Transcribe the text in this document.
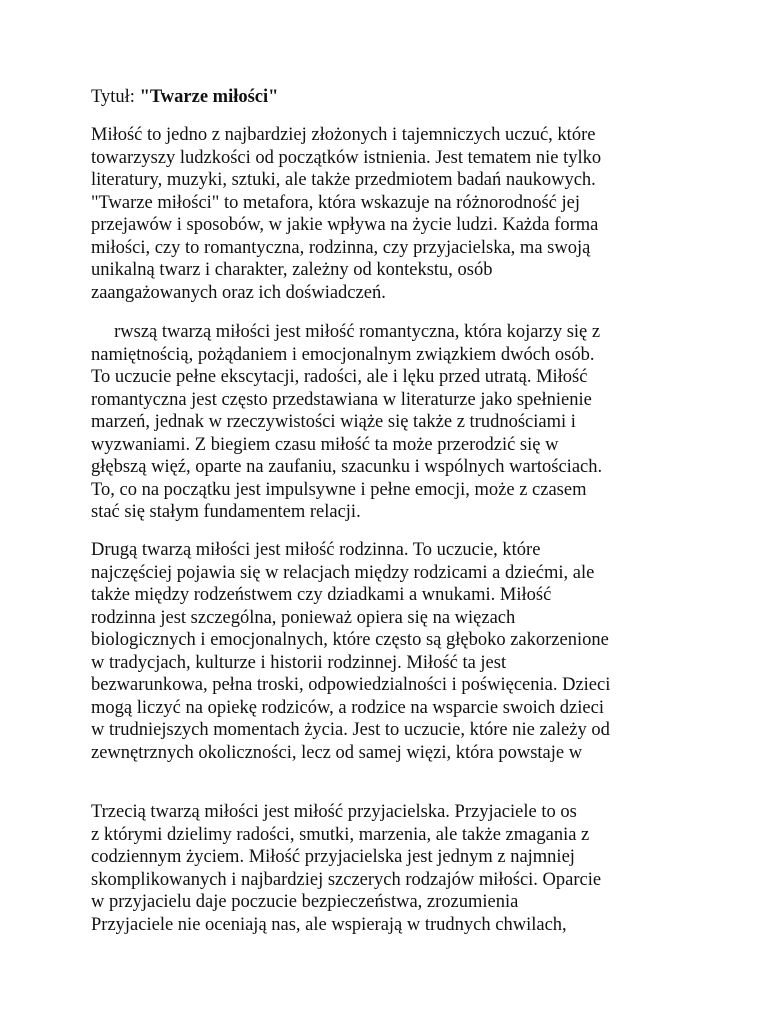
Tytuł: "Twarze miłości"
Miłość to jedno z najbardziej złożonych i tajemniczych uczuć, które
towarzyszy ludzkości od początków istnienia. Jest tematem nie tylko
literatury, muzyki, sztuki, ale także przedmiotem badań naukowych.
"Twarze miłości" to metafora, która wskazuje na różnorodność jej
przejawów i sposobów, w jakie wpływa na życie ludzi. Każda forma
miłości, czy to romantyczna, rodzinna, czy przyjacielska, ma swoją
unikalną twarz i charakter, zależny od kontekstu, osób
zaangażowanych oraz ich doświadczeń.
rwszą twarzą miłości jest miłość romantyczna, która kojarzy się z
namiętnością, pożądaniem i emocjonalnym związkiem dwóch osób.
To uczucie pełne ekscytacji, radości, ale i lęku przed utratą. Miłość
romantyczna jest często przedstawiana w literaturze jako spełnienie
marzeń, jednak w rzeczywistości wiąże się także z trudnościami i
wyzwaniami. Z biegiem czasu miłość ta może przerodzić się w
głębszą więź, oparte na zaufaniu, szacunku i wspólnych wartościach.
To, co na początku jest impulsywne i pełne emocji, może z czasem
stać się stałym fundamentem relacji.
Drugą twarzą miłości jest miłość rodzinna. To uczucie, które
najczęściej pojawia się w relacjach między rodzicami a dziećmi, ale
także między rodzeństwem czy dziadkami a wnukami. Miłość
rodzinna jest szczególna, ponieważ opiera się na więzach
biologicznych i emocjonalnych, które często są głęboko zakorzenione
w tradycjach, kulturze i historii rodzinnej. Miłość ta jest
bezwarunkowa, pełna troski, odpowiedzialności i poświęcenia. Dzieci
mogą liczyć na opiekę rodziców, a rodzice na wsparcie swoich dzieci
w trudniejszych momentach życia. Jest to uczucie, które nie zależy od
zewnętrznych okoliczności, lecz od samej więzi, która powstaje w
Trzecią twarzą miłości jest miłość przyjacielska. Przyjaciele to os
z którymi dzielimy radości, smutki, marzenia, ale także zmagania z
codziennym życiem. Miłość przyjacielska jest jednym z najmniej
skomplikowanych i najbardziej szczerych rodzajów miłości. Oparcie
w przyjacielu daje poczucie bezpieczeństwa, zrozumienia
Przyjaciele nie oceniają nas, ale wspierają w trudnych chwilach,
